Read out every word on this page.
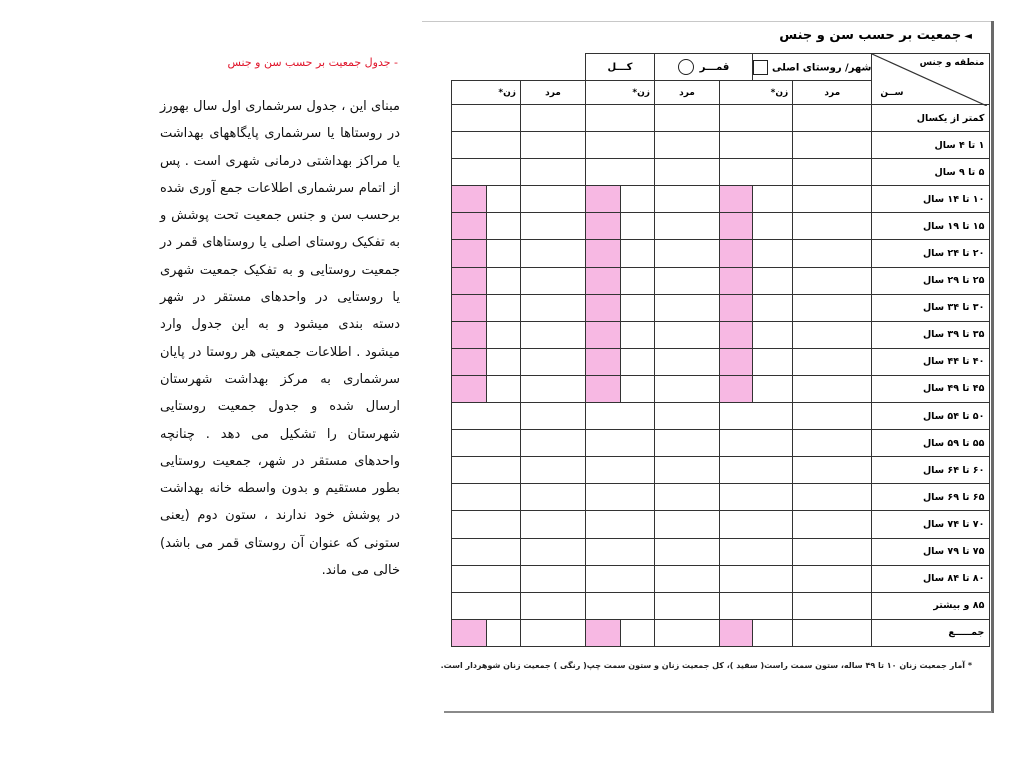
- جدول جمعیت بر حسب سن و جنس
مبنای این ، جدول سرشماری اول سال بهورز در روستاها یا سرشماری پایگاههای بهداشت یا مراکز بهداشتی درمانی شهری است . پس از اتمام سرشماری اطلاعات جمع آوری شده برحسب سن و جنس جمعیت تحت پوشش و به تفکیک روستای اصلی یا روستاهای قمر در جمعیت روستایی و به تفکیک جمعیت شهری یا روستایی در واحدهای مستقر در شهر دسته بندی میشود و به این جدول وارد میشود . اطلاعات جمعیتی هر روستا در پایان سرشماری به مرکز بهداشت شهرستان ارسال شده و جدول جمعیت روستایی شهرستان را تشکیل می دهد . چنانچه واحدهای مستقر در شهر، جمعیت روستایی بطور مستقیم و بدون واسطه خانه بهداشت در پوشش خود ندارند ، ستون دوم (یعنی ستونی که عنوان آن روستای قمر می باشد) خالی می ماند.
◄جمعیت بر حسب سن و جنس
منطقه و جنس
ســن	شهر/ روستای اصلی		قمـــر		کـــل				
	مرد	زن*		مرد	زن*		مرد	زن*	
کمتر از یکسال									
۱ تا ۴ سال									
۵ تا ۹ سال									
۱۰ تا ۱۴ سال									
۱۵ تا ۱۹ سال									
۲۰ تا ۲۴ سال									
۲۵ تا ۲۹ سال									
۳۰ تا ۳۴ سال									
۳۵ تا ۳۹ سال									
۴۰ تا ۴۴ سال									
۴۵ تا ۴۹ سال									
۵۰ تا ۵۴ سال									
۵۵ تا ۵۹ سال									
۶۰ تا ۶۴ سال									
۶۵ تا ۶۹ سال									
۷۰ تا ۷۴ سال									
۷۵ تا ۷۹ سال									
۸۰ تا ۸۴ سال									
۸۵ و بیشتر									
جمـــــع									
* آمار جمعیت زنان ۱۰ تا ۴۹ ساله، ستون سمت راست( سفید )، کل جمعیت زنان و ستون سمت چپ( رنگی ) جمعیت زنان شوهردار است.
